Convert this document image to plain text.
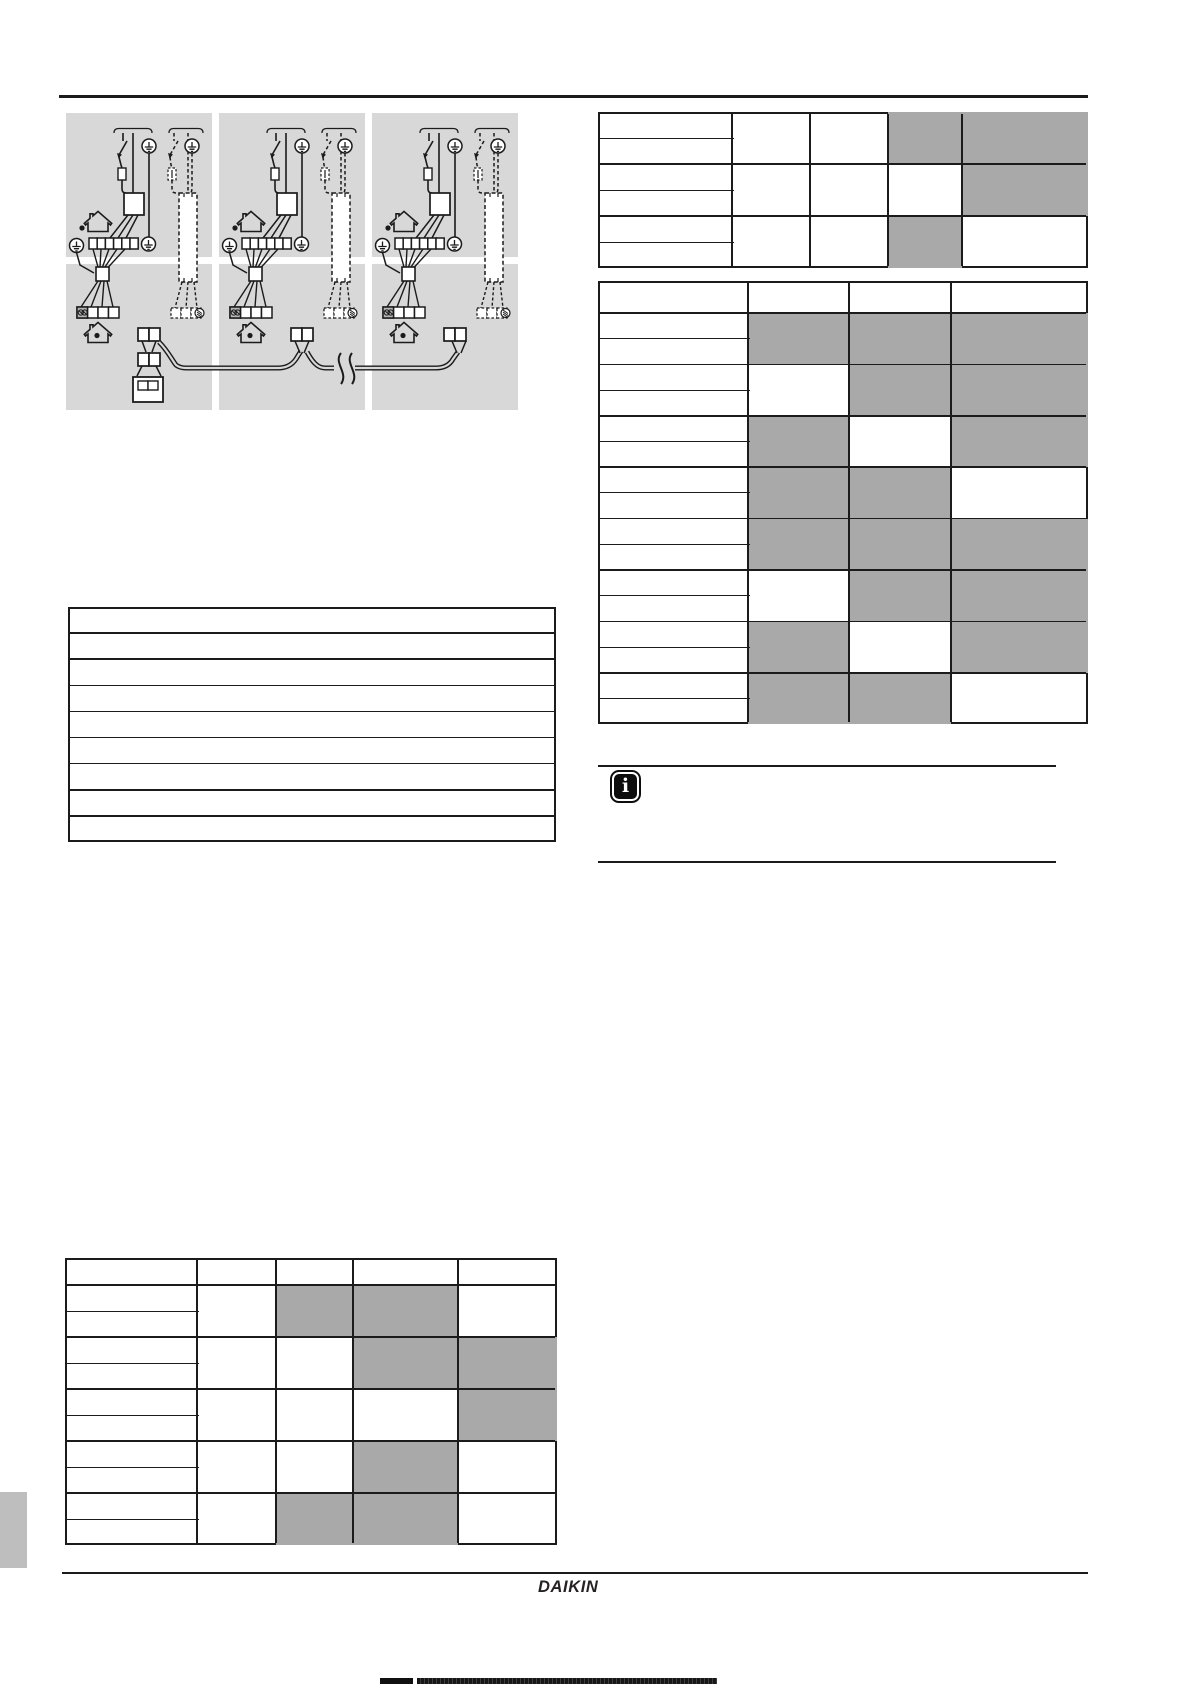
i
DAIKIN
